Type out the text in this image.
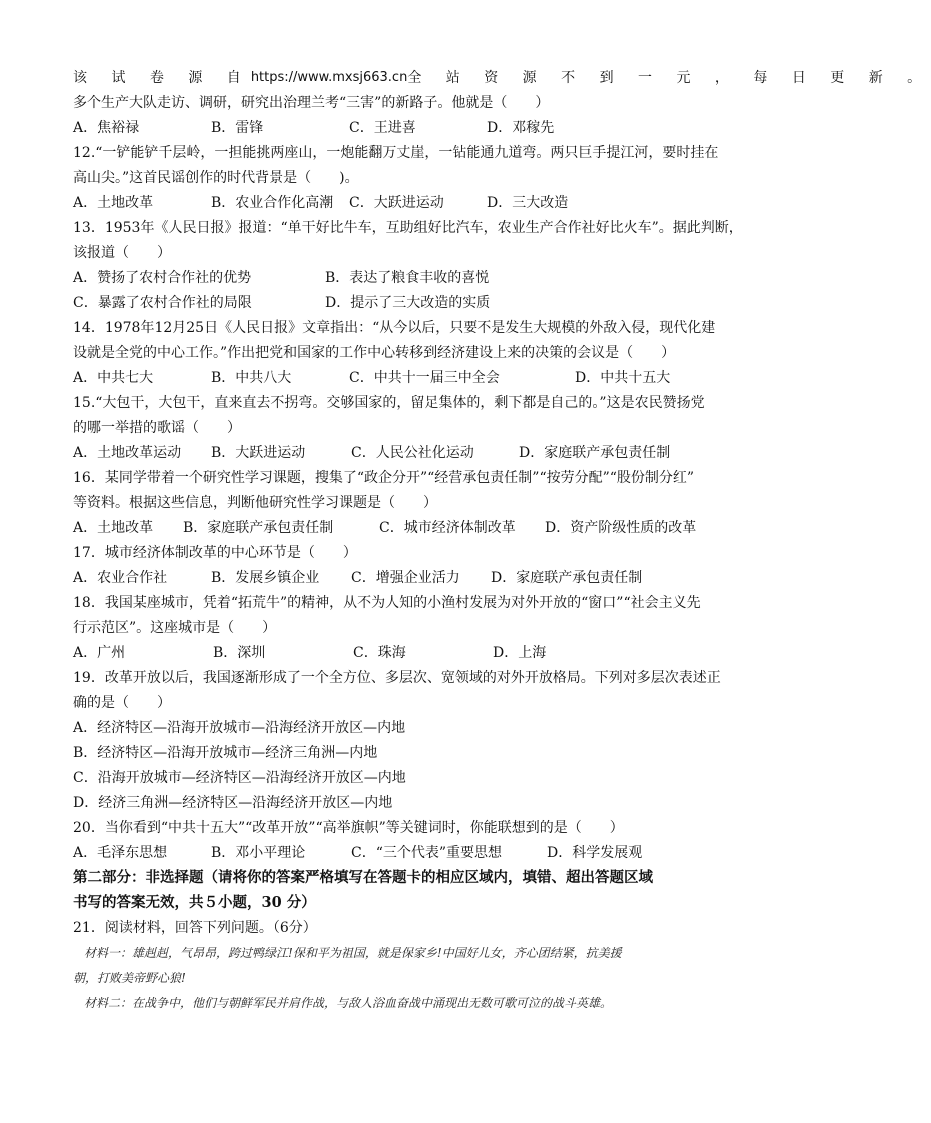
该 试 卷 源 自 https://www.mxsj663.cn 全 站 资 源 不 到 一 元 ， 每 日 更 新 。
多个生产大队走访、调研，研究出治理兰考“三害”的新路子。他就是（　　）
A．焦裕禄	B．雷锋	C．王进喜	D．邓稼先
12.“一铲能铲千层岭，一担能挑两座山，一炮能翻万丈崖，一钻能通九道弯。两只巨手提江河，要时挂在
高山尖。”这首民谣创作的时代背景是（　　)。
A．土地改革	B．农业合作化高潮	C．大跃进运动	D．三大改造
13．1953年《人民日报》报道：“单干好比牛车，互助组好比汽车，农业生产合作社好比火车”。据此判断，
该报道（　　）
A．赞扬了农村合作社的优势	B．表达了粮食丰收的喜悦
C．暴露了农村合作社的局限	D．提示了三大改造的实质
14．1978年12月25日《人民日报》文章指出：“从今以后，只要不是发生大规模的外敌入侵，现代化建
设就是全党的中心工作。”作出把党和国家的工作中心转移到经济建设上来的决策的会议是（　　）
A．中共七大	B．中共八大	C．中共十一届三中全会	D．中共十五大
15.“大包干，大包干，直来直去不拐弯。交够国家的，留足集体的，剩下都是自己的。”这是农民赞扬党
的哪一举措的歌谣（　　）
A．土地改革运动	B．大跃进运动	C．人民公社化运动	D．家庭联产承包责任制
16．某同学带着一个研究性学习课题，搜集了“政企分开”“经营承包责任制”“按劳分配”“股份制分红”
等资料。根据这些信息，判断他研究性学习课题是（　　）
A．土地改革	B．家庭联产承包责任制	C．城市经济体制改革	D．资产阶级性质的改革
17．城市经济体制改革的中心环节是（　　）
A．农业合作社	B．发展乡镇企业	C．增强企业活力	D．家庭联产承包责任制
18．我国某座城市，凭着“拓荒牛”的精神，从不为人知的小渔村发展为对外开放的“窗口”“社会主义先
行示范区”。这座城市是（　　）
A．广州	B．深圳	C．珠海	D．上海
19．改革开放以后，我国逐渐形成了一个全方位、多层次、宽领域的对外开放格局。下列对多层次表述正
确的是（　　）
A．经济特区—沿海开放城市—沿海经济开放区—内地
B．经济特区—沿海开放城市—经济三角洲—内地
C．沿海开放城市—经济特区—沿海经济开放区—内地
D．经济三角洲—经济特区—沿海经济开放区—内地
20．当你看到“中共十五大”“改革开放”“高举旗帜”等关键词时，你能联想到的是（　　）
A．毛泽东思想	B．邓小平理论	C．“三个代表”重要思想	D．科学发展观
第二部分：非选择题（请将你的答案严格填写在答题卡的相应区域内，填错、超出答题区域
书写的答案无效，共５小题，30 分）
21．阅读材料，回答下列问题。（6分）
材料一：雄赳赳，气昂昂，跨过鸭绿江!保和平为祖国，就是保家乡!中国好儿女，齐心团结紧，抗美援
朝，打败美帝野心狼!
材料二：在战争中，他们与朝鲜军民并肩作战，与敌人浴血奋战中涌现出无数可歌可泣的战斗英雄。
